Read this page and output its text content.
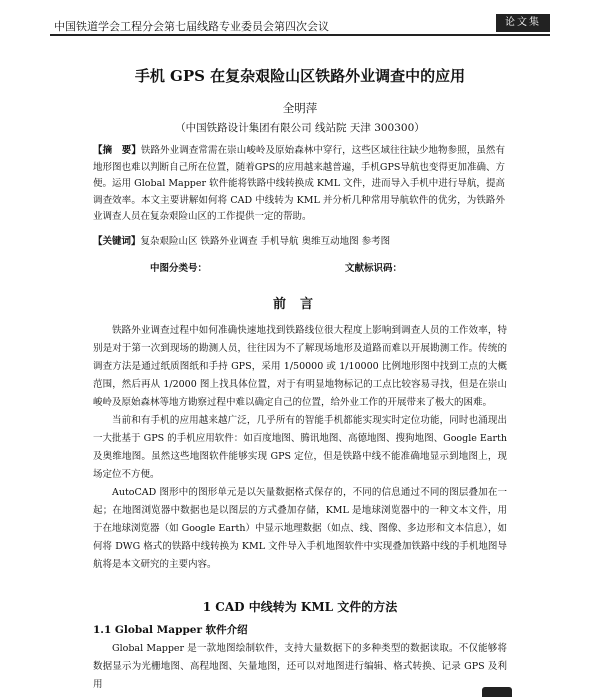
中国铁道学会工程分会第七届线路专业委员会第四次会议	论文集
手机 GPS 在复杂艰险山区铁路外业调查中的应用
全明萍
（中国铁路设计集团有限公司 线站院 天津 300300）
【摘　要】铁路外业调查常需在崇山峻岭及原始森林中穿行，这些区域往往缺少地物参照，虽然有地形图也难以判断自己所在位置，随着GPS的应用越来越普遍，手机GPS导航也变得更加准确、方便。运用 Global Mapper 软件能将铁路中线转换成 KML 文件，进而导入手机中进行导航，提高调查效率。本文主要讲解如何将 CAD 中线转为 KML 并分析几种常用导航软件的优劣，为铁路外业调查人员在复杂艰险山区的工作提供一定的帮助。
【关键词】复杂艰险山区 铁路外业调查 手机导航 奥维互动地图 参考图
中图分类号：	文献标识码：
前言

铁路外业调查过程中如何准确快速地找到铁路线位很大程度上影响到调查人员的工作效率，特别是对于第一次到现场的勘测人员，往往因为不了解现场地形及道路而难以开展勘测工作。传统的调查方法是通过纸质图纸和手持 GPS，采用 1/50000 或 1/10000 比例地形图中找到工点的大概范围，然后再从 1/2000 图上找具体位置，对于有明显地物标记的工点比较容易寻找，但是在崇山峻岭及原始森林等地方勘察过程中难以确定自己的位置，给外业工作的开展带来了极大的困难。

当前和有手机的应用越来越广泛，几乎所有的智能手机都能实现实时定位功能，同时也涌现出一大批基于 GPS 的手机应用软件：如百度地图、腾讯地图、高德地图、搜狗地图、Google Earth 及奥维地图。虽然这些地图软件能够实现 GPS 定位，但是铁路中线不能准确地显示到地图上，现场定位不方便。

AutoCAD 图形中的图形单元是以矢量数据格式保存的，不同的信息通过不同的图层叠加在一起；在地图浏览器中数据也是以图层的方式叠加存储，KML 是地球浏览器中的一种文本文件，用于在地球浏览器（如 Google Earth）中显示地理数据（如点、线、图像、多边形和文本信息），如何将 DWG 格式的铁路中线转换为 KML 文件导入手机地图软件中实现叠加铁路中线的手机地图导航将是本文研究的主要内容。

1 CAD 中线转为 KML 文件的方法
1.1 Global Mapper 软件介绍

Global Mapper 是一款地图绘制软件，支持大量数据下的多种类型的数据读取。不仅能够将数据显示为光栅地图、高程地图、矢量地图，还可以对地图进行编辑、格式转换、记录 GPS 及利用
